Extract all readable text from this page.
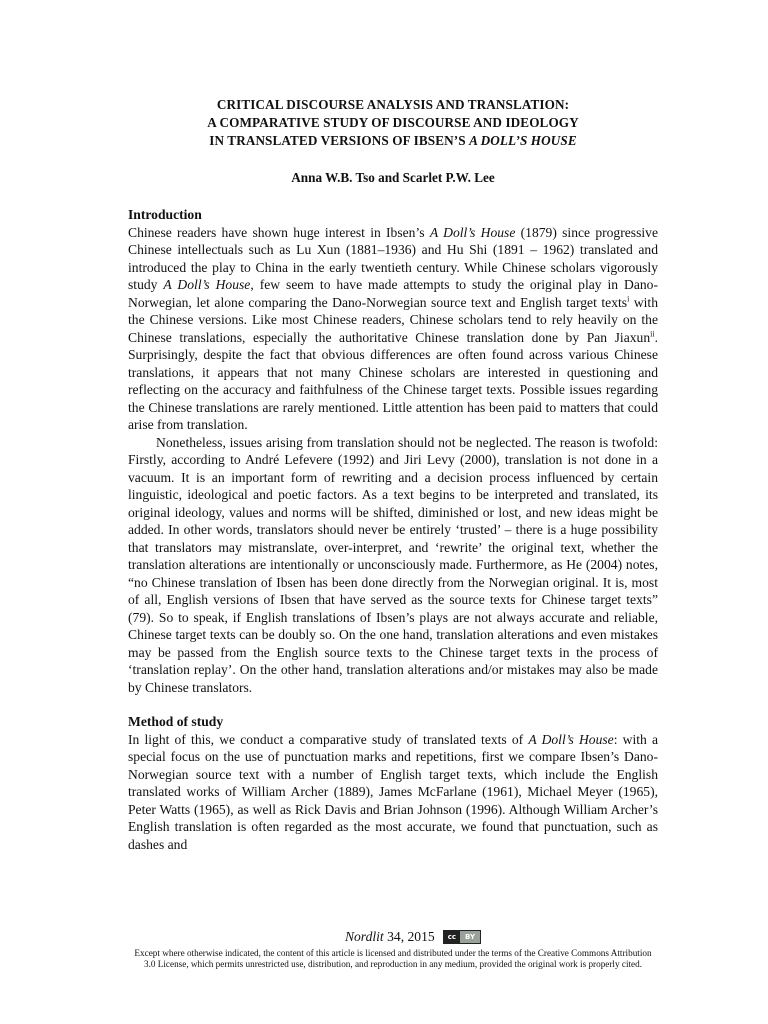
CRITICAL DISCOURSE ANALYSIS AND TRANSLATION:
A COMPARATIVE STUDY OF DISCOURSE AND IDEOLOGY
IN TRANSLATED VERSIONS OF IBSEN’S A DOLL’S HOUSE
Anna W.B. Tso and Scarlet P.W. Lee
Introduction

Chinese readers have shown huge interest in Ibsen’s A Doll’s House (1879) since progressive Chinese intellectuals such as Lu Xun (1881–1936) and Hu Shi (1891 – 1962) translated and introduced the play to China in the early twentieth century. While Chinese scholars vigorously study A Doll’s House, few seem to have made attempts to study the original play in Dano-Norwegian, let alone comparing the Dano-Norwegian source text and English target texts$^i$ with the Chinese versions. Like most Chinese readers, Chinese scholars tend to rely heavily on the Chinese translations, especially the authoritative Chinese translation done by Pan Jiaxun$^{ii}$. Surprisingly, despite the fact that obvious differences are often found across various Chinese translations, it appears that not many Chinese scholars are interested in questioning and reflecting on the accuracy and faithfulness of the Chinese target texts. Possible issues regarding the Chinese translations are rarely mentioned. Little attention has been paid to matters that could arise from translation.

Nonetheless, issues arising from translation should not be neglected. The reason is twofold: Firstly, according to André Lefevere (1992) and Jiri Levy (2000), translation is not done in a vacuum. It is an important form of rewriting and a decision process influenced by certain linguistic, ideological and poetic factors. As a text begins to be interpreted and translated, its original ideology, values and norms will be shifted, diminished or lost, and new ideas might be added. In other words, translators should never be entirely ‘trusted’ – there is a huge possibility that translators may mistranslate, over-interpret, and ‘rewrite’ the original text, whether the translation alterations are intentionally or unconsciously made. Furthermore, as He (2004) notes, “no Chinese translation of Ibsen has been done directly from the Norwegian original. It is, most of all, English versions of Ibsen that have served as the source texts for Chinese target texts” (79). So to speak, if English translations of Ibsen’s plays are not always accurate and reliable, Chinese target texts can be doubly so. On the one hand, translation alterations and even mistakes may be passed from the English source texts to the Chinese target texts in the process of ‘translation replay’. On the other hand, translation alterations and/or mistakes may also be made by Chinese translators.

Method of study

In light of this, we conduct a comparative study of translated texts of A Doll’s House: with a special focus on the use of punctuation marks and repetitions, first we compare Ibsen’s Dano-Norwegian source text with a number of English target texts, which include the English translated works of William Archer (1889), James McFarlane (1961), Michael Meyer (1965), Peter Watts (1965), as well as Rick Davis and Brian Johnson (1996). Although William Archer’s English translation is often regarded as the most accurate, we found that punctuation, such as dashes and

Nordlit 34, 2015	cc	BY
Except where otherwise indicated, the content of this article is licensed and distributed under the terms of the Creative Commons Attribution 3.0 License, which permits unrestricted use, distribution, and reproduction in any medium, provided the original work is properly cited.
